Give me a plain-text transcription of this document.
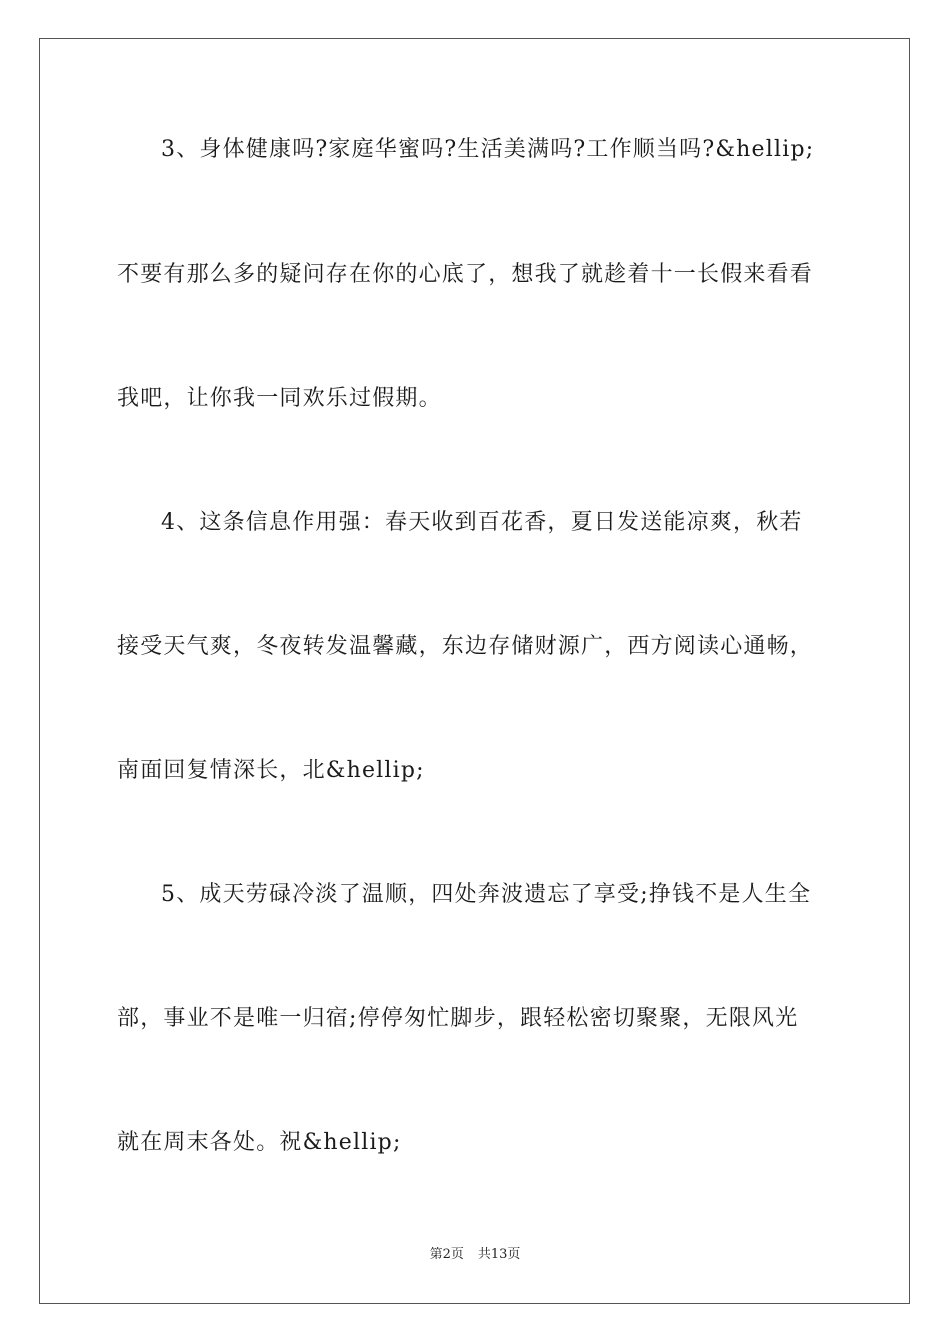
3、身体健康吗?家庭华蜜吗?生活美满吗?工作顺当吗?&hellip;
不要有那么多的疑问存在你的心底了，想我了就趁着十一长假来看看
我吧，让你我一同欢乐过假期。
4、这条信息作用强：春天收到百花香，夏日发送能凉爽，秋若
接受天气爽，冬夜转发温馨藏，东边存储财源广，西方阅读心通畅，
南面回复情深长，北&hellip;
5、成天劳碌冷淡了温顺，四处奔波遗忘了享受;挣钱不是人生全
部，事业不是唯一归宿;停停匆忙脚步，跟轻松密切聚聚，无限风光
就在周末各处。祝&hellip;
第2页 共13页
